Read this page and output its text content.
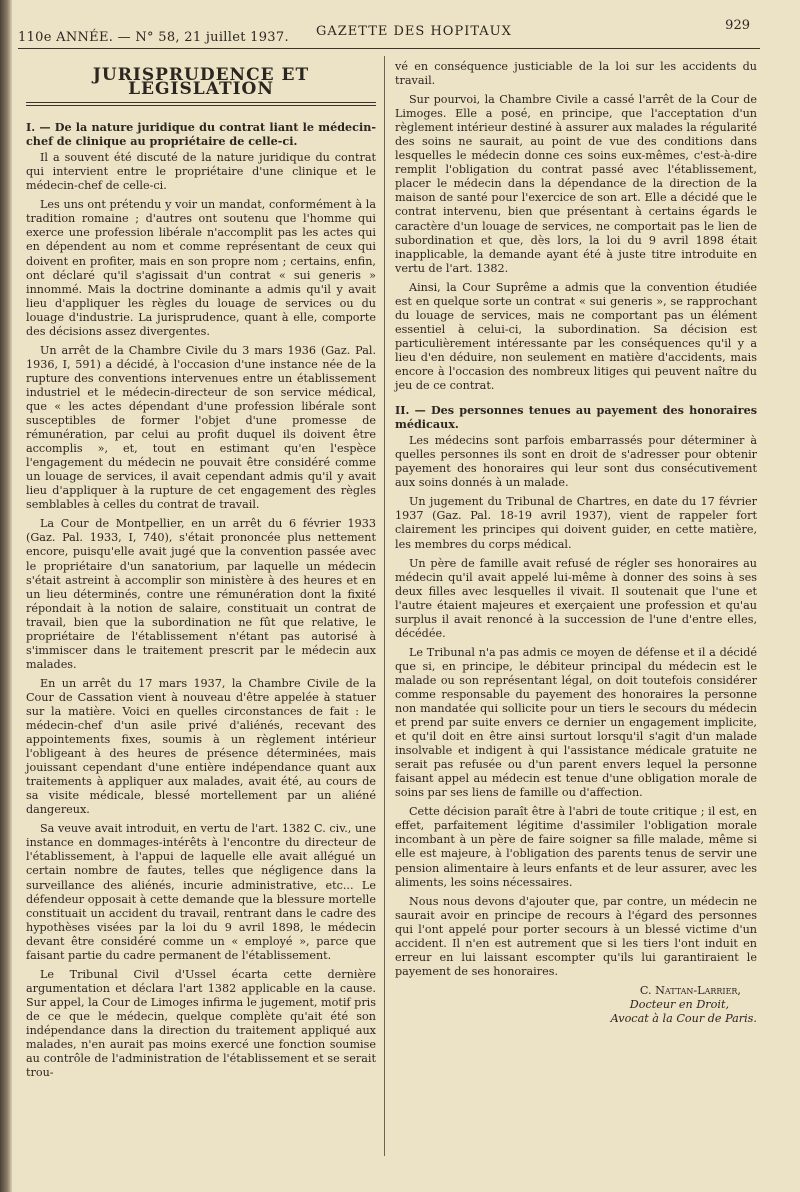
110e ANNÉE. — N° 58, 21 juillet 1937. GAZETTE DES HOPITAUX	929
JURISPRUDENCE ET LÉGISLATION
I. — De la nature juridique du contrat liant le médecin-chef de clinique au propriétaire de celle-ci.

Il a souvent été discuté de la nature juridique du contrat qui intervient entre le propriétaire d'une clinique et le médecin-chef de celle-ci.

Les uns ont prétendu y voir un mandat, conformément à la tradition romaine ; d'autres ont soutenu que l'homme qui exerce une profession libérale n'accomplit pas les actes qui en dépendent au nom et comme représentant de ceux qui doivent en profiter, mais en son propre nom ; certains, enfin, ont déclaré qu'il s'agissait d'un contrat « sui generis » innommé. Mais la doctrine dominante a admis qu'il y avait lieu d'appliquer les règles du louage de services ou du louage d'industrie. La jurisprudence, quant à elle, comporte des décisions assez divergentes.

Un arrêt de la Chambre Civile du 3 mars 1936 (Gaz. Pal. 1936, I, 591) a décidé, à l'occasion d'une instance née de la rupture des conventions intervenues entre un établissement industriel et le médecin-directeur de son service médical, que « les actes dépendant d'une profession libérale sont susceptibles de former l'objet d'une promesse de rémunération, par celui au profit duquel ils doivent être accomplis », et, tout en estimant qu'en l'espèce l'engagement du médecin ne pouvait être considéré comme un louage de services, il avait cependant admis qu'il y avait lieu d'appliquer à la rupture de cet engagement des règles semblables à celles du contrat de travail.

La Cour de Montpellier, en un arrêt du 6 février 1933 (Gaz. Pal. 1933, I, 740), s'était prononcée plus nettement encore, puisqu'elle avait jugé que la convention passée avec le propriétaire d'un sanatorium, par laquelle un médecin s'était astreint à accomplir son ministère à des heures et en un lieu déterminés, contre une rémunération dont la fixité répondait à la notion de salaire, constituait un contrat de travail, bien que la subordination ne fût que relative, le propriétaire de l'établissement n'étant pas autorisé à s'immiscer dans le traitement prescrit par le médecin aux malades.

En un arrêt du 17 mars 1937, la Chambre Civile de la Cour de Cassation vient à nouveau d'être appelée à statuer sur la matière. Voici en quelles circonstances de fait : le médecin-chef d'un asile privé d'aliénés, recevant des appointements fixes, soumis à un règlement intérieur l'obligeant à des heures de présence déterminées, mais jouissant cependant d'une entière indépendance quant aux traitements à appliquer aux malades, avait été, au cours de sa visite médicale, blessé mortellement par un aliéné dangereux.

Sa veuve avait introduit, en vertu de l'art. 1382 C. civ., une instance en dommages-intérêts à l'encontre du directeur de l'établissement, à l'appui de laquelle elle avait allégué un certain nombre de fautes, telles que négligence dans la surveillance des aliénés, incurie administrative, etc... Le défendeur opposait à cette demande que la blessure mortelle constituait un accident du travail, rentrant dans le cadre des hypothèses visées par la loi du 9 avril 1898, le médecin devant être considéré comme un « employé », parce que faisant partie du cadre permanent de l'établissement.

Le Tribunal Civil d'Ussel écarta cette dernière argumentation et déclara l'art 1382 applicable en la cause. Sur appel, la Cour de Limoges infirma le jugement, motif pris de ce que le médecin, quelque complète qu'ait été son indépendance dans la direction du traitement appliqué aux malades, n'en aurait pas moins exercé une fonction soumise au contrôle de l'administration de l'établissement et se serait trou-

vé en conséquence justiciable de la loi sur les accidents du travail.

Sur pourvoi, la Chambre Civile a cassé l'arrêt de la Cour de Limoges. Elle a posé, en principe, que l'acceptation d'un règlement intérieur destiné à assurer aux malades la régularité des soins ne saurait, au point de vue des conditions dans lesquelles le médecin donne ces soins eux-mêmes, c'est-à-dire remplit l'obligation du contrat passé avec l'établissement, placer le médecin dans la dépendance de la direction de la maison de santé pour l'exercice de son art. Elle a décidé que le contrat intervenu, bien que présentant à certains égards le caractère d'un louage de services, ne comportait pas le lien de subordination et que, dès lors, la loi du 9 avril 1898 était inapplicable, la demande ayant été à juste titre introduite en vertu de l'art. 1382.

Ainsi, la Cour Suprême a admis que la convention étudiée est en quelque sorte un contrat « sui generis », se rapprochant du louage de services, mais ne comportant pas un élément essentiel à celui-ci, la subordination. Sa décision est particulièrement intéressante par les conséquences qu'il y a lieu d'en déduire, non seulement en matière d'accidents, mais encore à l'occasion des nombreux litiges qui peuvent naître du jeu de ce contrat.

II. — Des personnes tenues au payement des honoraires médicaux.

Les médecins sont parfois embarrassés pour déterminer à quelles personnes ils sont en droit de s'adresser pour obtenir payement des honoraires qui leur sont dus consécutivement aux soins donnés à un malade.

Un jugement du Tribunal de Chartres, en date du 17 février 1937 (Gaz. Pal. 18-19 avril 1937), vient de rappeler fort clairement les principes qui doivent guider, en cette matière, les membres du corps médical.

Un père de famille avait refusé de régler ses honoraires au médecin qu'il avait appelé lui-même à donner des soins à ses deux filles avec lesquelles il vivait. Il soutenait que l'une et l'autre étaient majeures et exerçaient une profession et qu'au surplus il avait renoncé à la succession de l'une d'entre elles, décédée.

Le Tribunal n'a pas admis ce moyen de défense et il a décidé que si, en principe, le débiteur principal du médecin est le malade ou son représentant légal, on doit toutefois considérer comme responsable du payement des honoraires la personne non mandatée qui sollicite pour un tiers le secours du médecin et prend par suite envers ce dernier un engagement implicite, et qu'il doit en être ainsi surtout lorsqu'il s'agit d'un malade insolvable et indigent à qui l'assistance médicale gratuite ne serait pas refusée ou d'un parent envers lequel la personne faisant appel au médecin est tenue d'une obligation morale de soins par ses liens de famille ou d'affection.

Cette décision paraît être à l'abri de toute critique ; il est, en effet, parfaitement légitime d'assimiler l'obligation morale incombant à un père de faire soigner sa fille malade, même si elle est majeure, à l'obligation des parents tenus de servir une pension alimentaire à leurs enfants et de leur assurer, avec les aliments, les soins nécessaires.

Nous nous devons d'ajouter que, par contre, un médecin ne saurait avoir en principe de recours à l'égard des personnes qui l'ont appelé pour porter secours à un blessé victime d'un accident. Il n'en est autrement que si les tiers l'ont induit en erreur en lui laissant escompter qu'ils lui garantiraient le payement de ses honoraires.

C. Nattan-Larrier,
Docteur en Droit,
Avocat à la Cour de Paris.
